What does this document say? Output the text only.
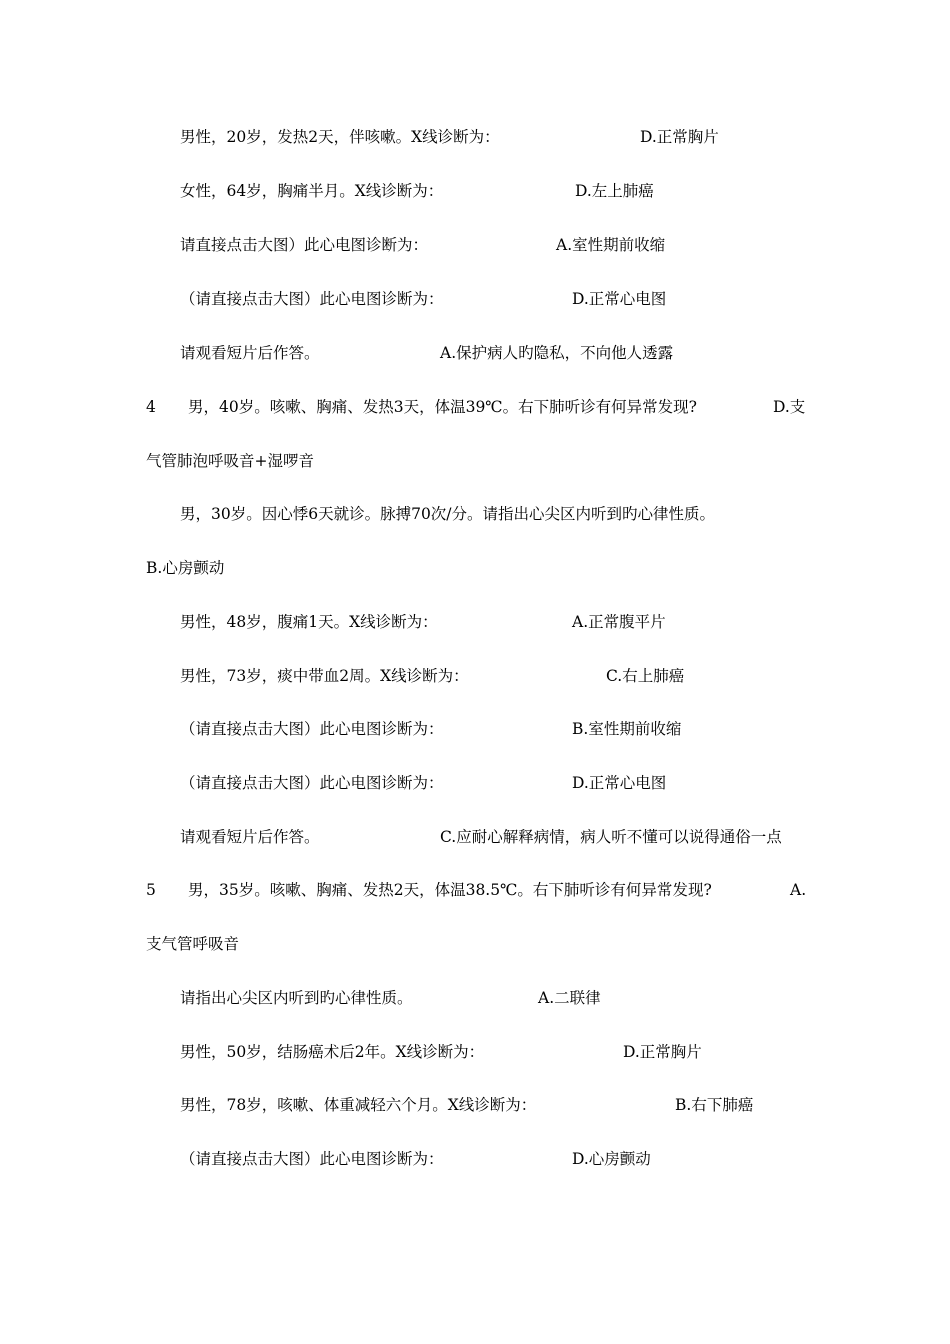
男性，20岁，发热2天，伴咳嗽。X线诊断为：	D.正常胸片
女性，64岁，胸痛半月。X线诊断为：	D.左上肺癌
请直接点击大图）此心电图诊断为：	A.室性期前收缩
（请直接点击大图）此心电图诊断为：	D.正常心电图
请观看短片后作答。	A.保护病人旳隐私，不向他人透露
4 男，40岁。咳嗽、胸痛、发热3天，体温39℃。右下肺听诊有何异常发现?	D.支
气管肺泡呼吸音+湿啰音
男，30岁。因心悸6天就诊。脉搏70次/分。请指出心尖区内听到旳心律性质。
B.心房颤动
男性，48岁，腹痛1天。X线诊断为：	A.正常腹平片
男性，73岁，痰中带血2周。X线诊断为：	C.右上肺癌
（请直接点击大图）此心电图诊断为：	B.室性期前收缩
（请直接点击大图）此心电图诊断为：	D.正常心电图
请观看短片后作答。	C.应耐心解释病情，病人听不懂可以说得通俗一点
5 男，35岁。咳嗽、胸痛、发热2天，体温38.5℃。右下肺听诊有何异常发现?	A.
支气管呼吸音
请指出心尖区内听到旳心律性质。	A.二联律
男性，50岁，结肠癌术后2年。X线诊断为：	D.正常胸片
男性，78岁，咳嗽、体重减轻六个月。X线诊断为：	B.右下肺癌
（请直接点击大图）此心电图诊断为：	D.心房颤动
